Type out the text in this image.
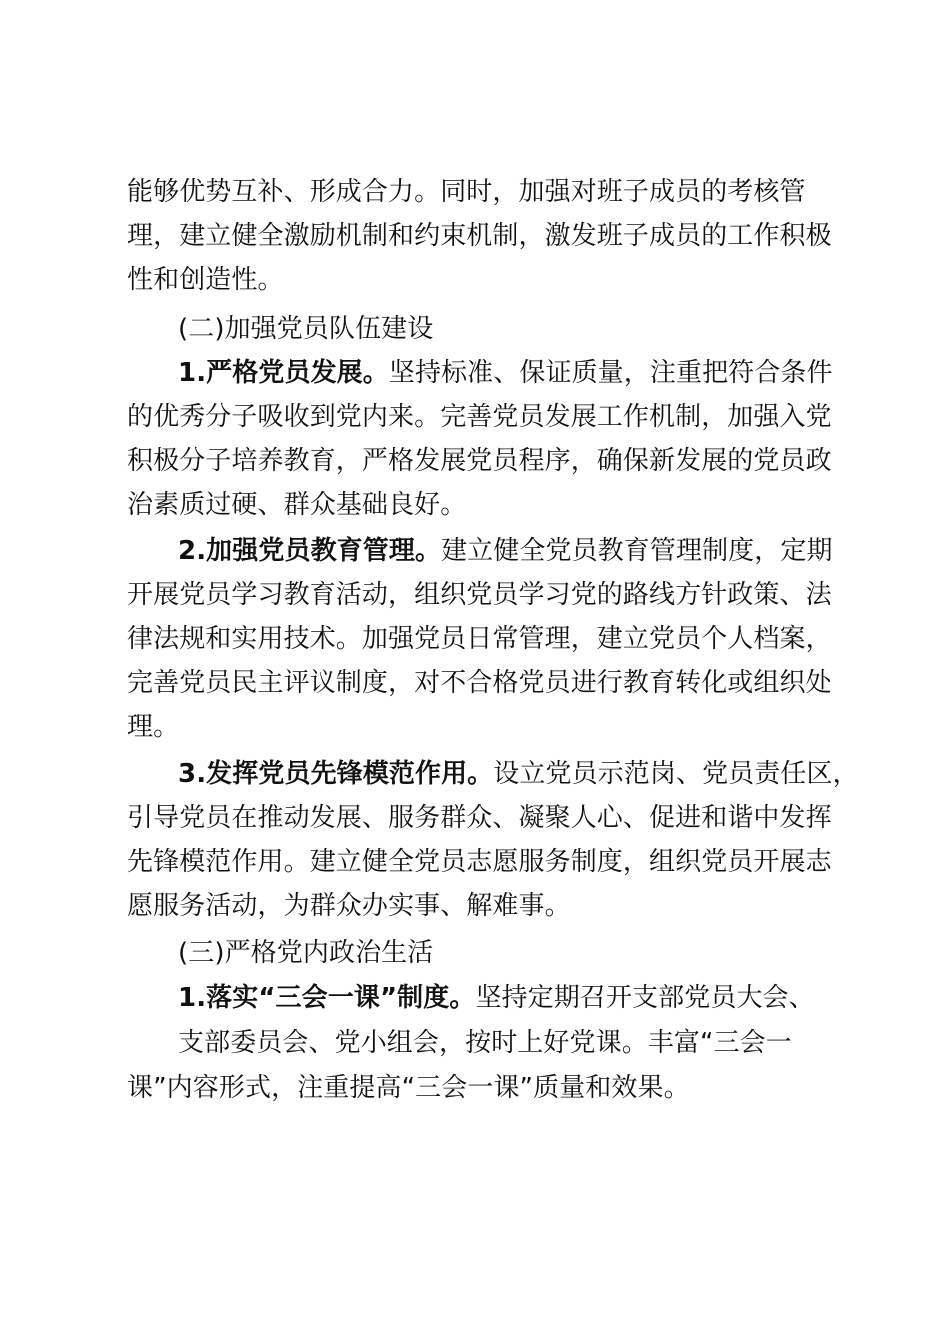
能够优势互补、形成合力。同时，加强对班子成员的考核管
理，建立健全激励机制和约束机制，激发班子成员的工作积极
性和创造性。
(二)加强党员队伍建设
1.严格党员发展。坚持标准、保证质量，注重把符合条件
的优秀分子吸收到党内来。完善党员发展工作机制，加强入党
积极分子培养教育，严格发展党员程序，确保新发展的党员政
治素质过硬、群众基础良好。
2.加强党员教育管理。建立健全党员教育管理制度，定期
开展党员学习教育活动，组织党员学习党的路线方针政策、法
律法规和实用技术。加强党员日常管理，建立党员个人档案，
完善党员民主评议制度，对不合格党员进行教育转化或组织处
理。
3.发挥党员先锋模范作用。设立党员示范岗、党员责任区，
引导党员在推动发展、服务群众、凝聚人心、促进和谐中发挥
先锋模范作用。建立健全党员志愿服务制度，组织党员开展志
愿服务活动，为群众办实事、解难事。
(三)严格党内政治生活
1.落实“三会一课”制度。坚持定期召开支部党员大会、
支部委员会、党小组会，按时上好党课。丰富“三会一
课”内容形式，注重提高“三会一课”质量和效果。
